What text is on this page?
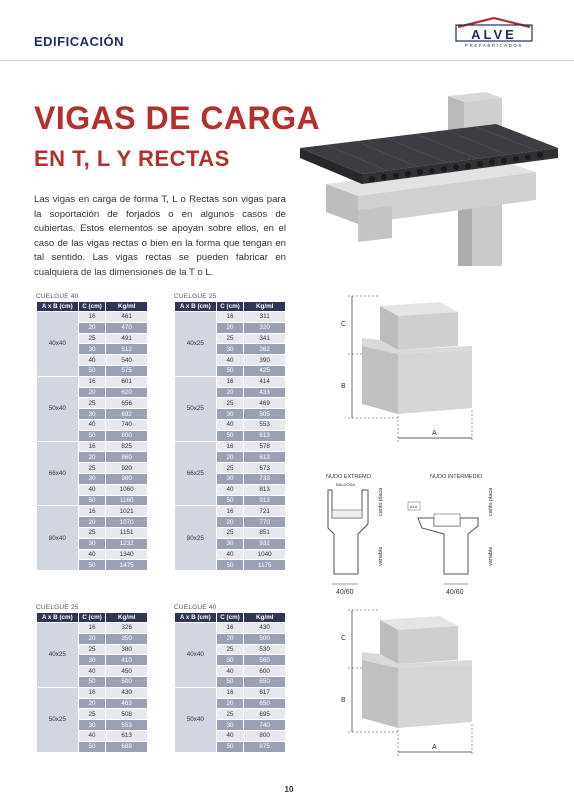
EDIFICACIÓN	ALVE
PREFABRICADOS
VIGAS DE CARGA
EN T, L Y RECTAS

Las vigas en carga de forma T, L o Rectas son vigas para la soportación de forjados o en algunos casos de cubiertas. Estos elementos se apoyan sobre ellos, en el caso de las vigas rectas o bien en la forma que tengan en tal sentido. Las vigas rectas se pueden fabricar en cualquiera de las dimensiones de la T o L.

CUELGUE 40
A x B (cm)	C (cm)	Kg/ml
40x40	16	461
	20	470
	25	491
	30	512
	40	540
	50	575
50x40	16	601
	20	620
	25	656
	30	692
	40	740
	50	800
66x40	16	825
	20	860
	25	920
	30	980
	40	1060
	50	1160
80x40	16	1021
	20	1070
	25	1151
	30	1232
	40	1340
	50	1475
CUELGUE 25
A x B (cm)	C (cm)	Kg/ml
40x25	16	311
	20	320
	25	341
	30	362
	40	390
	50	425
50x25	16	414
	20	433
	25	469
	30	505
	40	553
	50	613
66x25	16	578
	20	613
	25	673
	30	733
	40	813
	50	913
80x25	16	721
	20	770
	25	851
	30	932
	40	1040
	50	1175
CUELGUE 25
A x B (cm)	C (cm)	Kg/ml
40x25	16	326
	20	350
	25	380
	30	410
	40	450
	50	500
50x25	16	430
	20	463
	25	508
	30	553
	40	613
	50	688
CUELGUE 40
A x B (cm)	C (cm)	Kg/ml
40x40	16	430
	20	500
	25	530
	30	560
	40	600
	50	650
50x40	16	617
	20	650
	25	695
	30	740
	40	800
	50	875
C
B
A
NUDO EXTREMO	NUDO INTERMEDIO
BALDOSA
canto placa
variable
40/60
ALA	canto placa
variable
40/60
C
B
A
10
